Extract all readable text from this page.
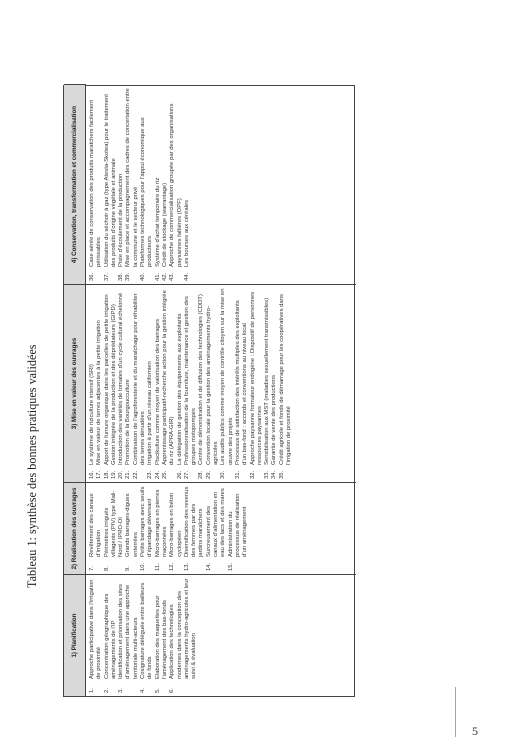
Tableau 1: synthèse des bonnes pratiques validées
1) Planification
2) Réalisation des ouvrages
3) Mise en valeur des ouvrages
4) Conservation, transformation et commercialisation
1.
Approche participative dans l’irrigation de proximité
2.
Concentration géographique des aménagements de l’IP
3.
Identification et priorisation des sites d’aménagement dans une approche territoriale multi-acteurs
4.
Cosignature déléguée entre bailleurs de fonds
5.
Elaboration des maquettes pour l’aménagement des bas-fonds
6.
Application des technologies modernes dans la conception des aménagements hydro-agricoles et leur suivi & évaluation
7.
Revêtement des canaux d’irrigation
8.
Périmètres irrigués villageois (PIV) type Mali-Nord / IPRO-DI
9.
Grands barrages-digues enterrées
10.
Petits barrages avec seuils d’épandage déversant
11.
Micro-barrages en pierres maçonnées
12.
Micro-barrages en béton cyclopéen
13.
Diversification des revenus des femmes par des jardins maraîchers
14.
Surcreusement des canaux d’alimentation en eau des lacs et des mares
15.
Administration du processus de réalisation d’un aménagement
16.
Le système de riziculture intensif (SRI)
17.
Mise en valeur de terres adjacentes à la petite irrigation
18.
Apport de fumure organique dans les parcelles de petite irrigation
19.
Gestion intégrée de la production et des déprédateurs (GIPD)
20.
Introduction des variétés de tomates d’un cycle cultural échelonné
21.
Promotion de la Bourgoucculture
22.
Combinaison de l’agroforesterie et du maraîchage pour réhabiliter des terres dénudées
23.
Irrigation à partir d’un réseau californien
24.
Piscikulture comme moyen de valorisation des barrages
25.
Apprentissage participatif-recherche action pour la gestion intégrée du riz (APRA-GIR)
26.
La délégation de gestion des équipements aux exploitants
27.
Professionnalisation de la fourniture, maintenance et gestion des groupes motopompes
28.
Centre de démonstration et de diffusion des technologies (CDDT)
29.
Convention locale pour la gestion des aménagements hydro-agricoles
30.
Les audits publics comme moyen de contrôle citoyen sur la mise en œuvre des projets
31.
Processus de satisfaction des intérêts multiples des exploitants d’un bas-fond : accords et conventions au niveau local
32.
Approche paysanne formateur endogène : Dispositif de personnes ressources paysannes
33.
Sensibilisation aux MST (maladies sexuellement transmissibles)
34.
Garantie de vente des productions
35.
Crédit agricole et fonds de démarrage pour les coopératives dans l’irrigation de proximité
36.
Case aérée de conservation des produits maraîchers facilement périssables
37.
Utilisation du séchoir à gaz (type Atesta-Skotea) pour le traitement des produits d’origine végétale et animale
38.
Piste d’écoulement de la production
39.
Mise en place et accompagnement des cadres de concertation entre la commune et le secteur privé
40.
Plateformes technologiques pour l’appui économique aux producteurs
41.
Système d’achat temporaire du riz
42.
Crédit de stockage (warrantage)
43.
Approche de commercialisation groupée par des organisations paysannes faîtières (OPF)
44.
Les bourses aux céréales
5
